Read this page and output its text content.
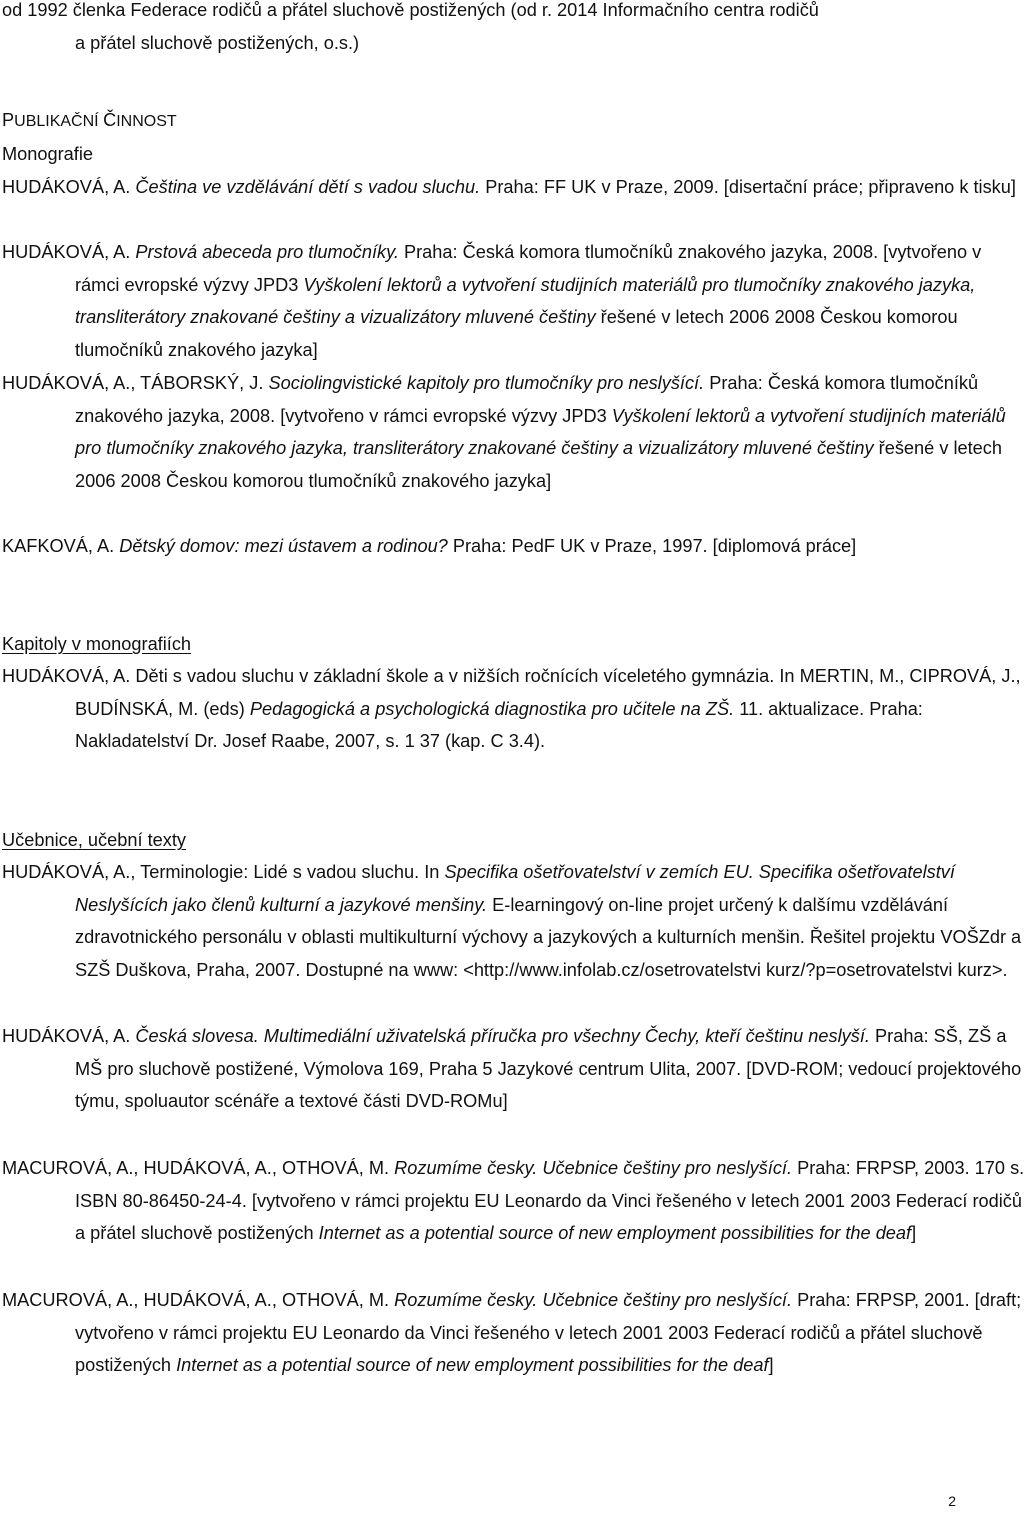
od 1992 členka Federace rodičů a přátel sluchově postižených (od r. 2014 Informačního centra rodičů
a přátel sluchově postižených, o.s.)
PUBLIKAČNÍ ČINNOST
Monografie
HUDÁKOVÁ, A. Čeština ve vzdělávání dětí s vadou sluchu. Praha: FF UK v Praze, 2009. [disertační práce; připraveno k tisku]
HUDÁKOVÁ, A. Prstová abeceda pro tlumočníky. Praha: Česká komora tlumočníků znakového jazyka, 2008. [vytvořeno v rámci evropské výzvy JPD3 Vyškolení lektorů a vytvoření studijních materiálů pro tlumočníky znakového jazyka, transliterátory znakované češtiny a vizualizátory mluvené češtiny řešené v letech 2006 2008 Českou komorou tlumočníků znakového jazyka]
HUDÁKOVÁ, A., TÁBORSKÝ, J. Sociolingvistické kapitoly pro tlumočníky pro neslyšící. Praha: Česká komora tlumočníků znakového jazyka, 2008. [vytvořeno v rámci evropské výzvy JPD3 Vyškolení lektorů a vytvoření studijních materiálů pro tlumočníky znakového jazyka, transliterátory znakované češtiny a vizualizátory mluvené češtiny řešené v letech 2006 2008 Českou komorou tlumočníků znakového jazyka]
KAFKOVÁ, A. Dětský domov: mezi ústavem a rodinou? Praha: PedF UK v Praze, 1997. [diplomová práce]
Kapitoly v monografiích
HUDÁKOVÁ, A. Děti s vadou sluchu v základní škole a v nižších ročnících víceletého gymnázia. In MERTIN, M., CIPROVÁ, J., BUDÍNSKÁ, M. (eds) Pedagogická a psychologická diagnostika pro učitele na ZŠ. 11. aktualizace. Praha: Nakladatelství Dr. Josef Raabe, 2007, s. 1 37 (kap. C 3.4).
Učebnice, učební texty
HUDÁKOVÁ, A., Terminologie: Lidé s vadou sluchu. In Specifika ošetřovatelství v zemích EU. Specifika ošetřovatelství Neslyšících jako členů kulturní a jazykové menšiny. E-learningový on-line projet určený k dalšímu vzdělávání zdravotnického personálu v oblasti multikulturní výchovy a jazykových a kulturních menšin. Řešitel projektu VOŠZdr a SZŠ Duškova, Praha, 2007. Dostupné na www: <http://www.infolab.cz/osetrovatelstvi kurz/?p=osetrovatelstvi kurz>.
HUDÁKOVÁ, A. Česká slovesa. Multimediální uživatelská příručka pro všechny Čechy, kteří češtinu neslyší. Praha: SŠ, ZŠ a MŠ pro sluchově postižené, Výmolova 169, Praha 5 Jazykové centrum Ulita, 2007. [DVD-ROM; vedoucí projektového týmu, spoluautor scénáře a textové části DVD-ROMu]
MACUROVÁ, A., HUDÁKOVÁ, A., OTHOVÁ, M. Rozumíme česky. Učebnice češtiny pro neslyšící. Praha: FRPSP, 2003. 170 s. ISBN 80-86450-24-4. [vytvořeno v rámci projektu EU Leonardo da Vinci řešeného v letech 2001 2003 Federací rodičů a přátel sluchově postižených Internet as a potential source of new employment possibilities for the deaf]
MACUROVÁ, A., HUDÁKOVÁ, A., OTHOVÁ, M. Rozumíme česky. Učebnice češtiny pro neslyšící. Praha: FRPSP, 2001. [draft; vytvořeno v rámci projektu EU Leonardo da Vinci řešeného v letech 2001 2003 Federací rodičů a přátel sluchově postižených Internet as a potential source of new employment possibilities for the deaf]
2
